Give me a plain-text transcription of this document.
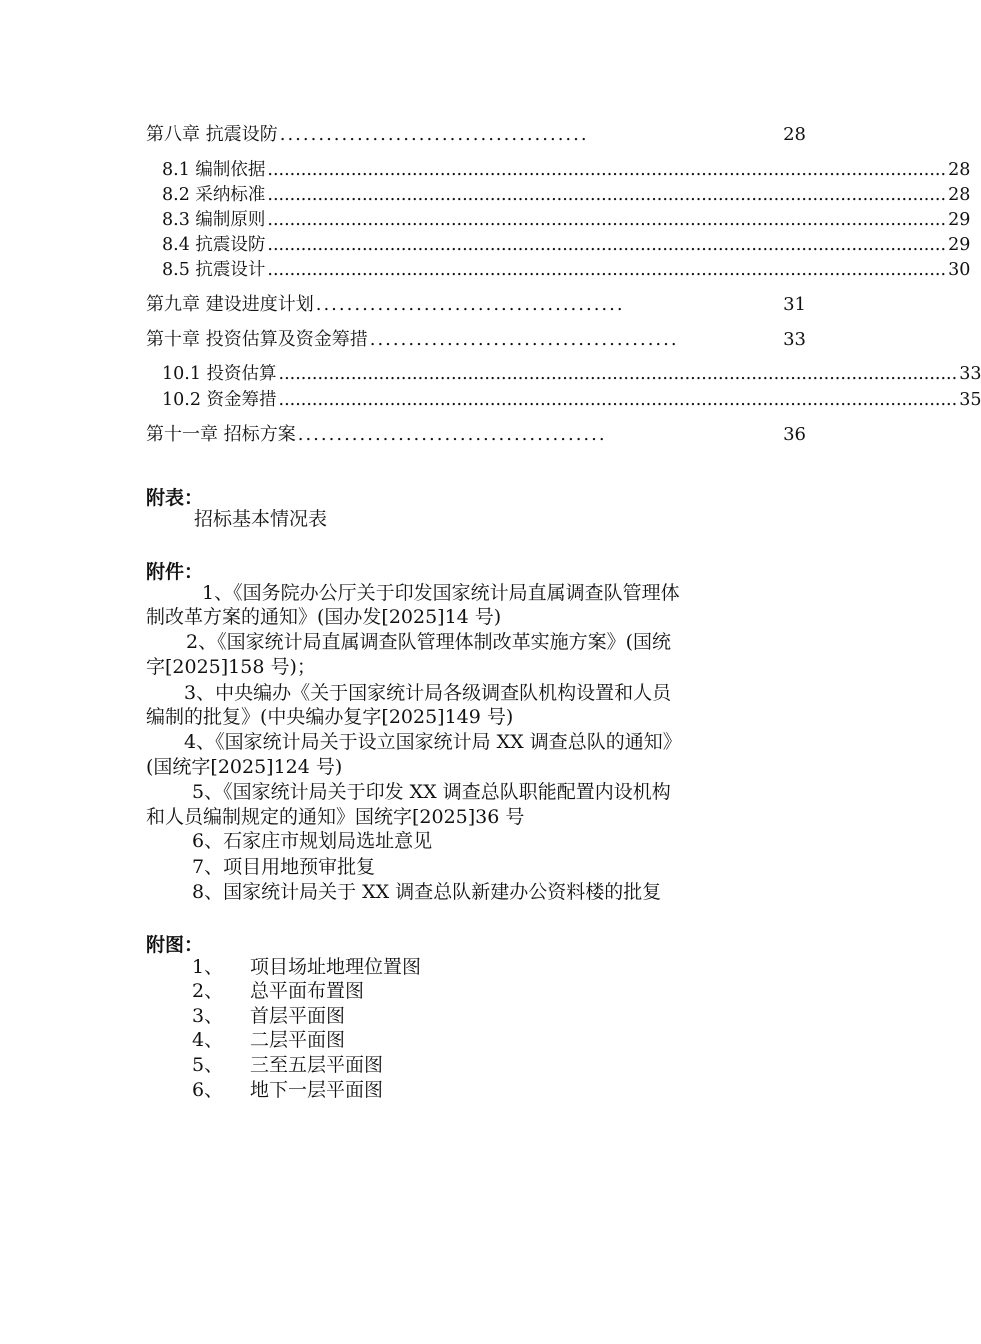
第八章 抗震设防 ........................................	28
8.1 编制依据 .......................................................................................................................... 28
8.2 采纳标准 .......................................................................................................................... 28
8.3 编制原则 .......................................................................................................................... 29
8.4 抗震设防 .......................................................................................................................... 29
8.5 抗震设计 .......................................................................................................................... 30
第九章 建设进度计划 ........................................	31
第十章 投资估算及资金筹措 ........................................	33
10.1 投资估算 .......................................................................................................................... 33
10.2 资金筹措 .......................................................................................................................... 35
第十一章 招标方案 ........................................	36
附表：
招标基本情况表
附件：
1、《国务院办公厅关于印发国家统计局直属调查队管理体
制改革方案的通知》(国办发[2025]14 号)
2、《国家统计局直属调查队管理体制改革实施方案》(国统
字[2025]158 号)；
3、中央编办《关于国家统计局各级调查队机构设置和人员
编制的批复》(中央编办复字[2025]149 号)
4、《国家统计局关于设立国家统计局 XX 调查总队的通知》
(国统字[2025]124 号)
5、《国家统计局关于印发 XX 调查总队职能配置内设机构
和人员编制规定的通知》国统字[2025]36 号
6、石家庄市规划局选址意见
7、项目用地预审批复
8、国家统计局关于 XX 调查总队新建办公资料楼的批复
附图：
1、 项目场址地理位置图
2、 总平面布置图
3、 首层平面图
4、 二层平面图
5、 三至五层平面图
6、 地下一层平面图
